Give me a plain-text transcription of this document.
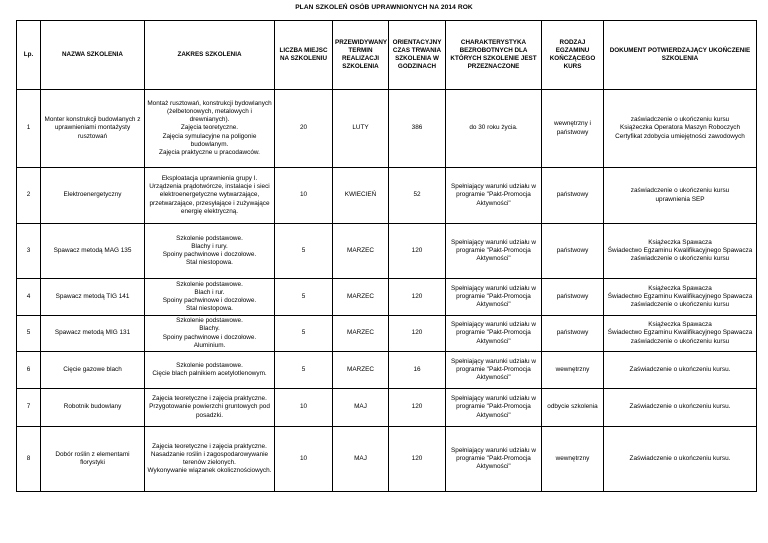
PLAN SZKOLEŃ OSÓB UPRAWNIONYCH NA 2014 ROK
Lp.	NAZWA SZKOLENIA	ZAKRES SZKOLENIA	LICZBA MIEJSC NA SZKOLENIU	PRZEWIDYWANY TERMIN REALIZACJI SZKOLENIA	ORIENTACYJNY CZAS TRWANIA SZKOLENIA W GODZINACH	CHARAKTERYSTYKA BEZROBOTNYCH DLA KTÓRYCH SZKOLENIE JEST PRZEZNACZONE	RODZAJ EGZAMINU KOŃCZĄCEGO KURS	DOKUMENT POTWIERDZAJĄCY UKOŃCZENIE SZKOLENIA
1	Monter konstrukcji budowlanych z uprawnieniami montażysty rusztowań	Montaż rusztowań, konstrukcji bydowlanych (żelbetonowych, metalowych i drewnianych).
Zajęcia teoretyczne.
Zajęcia symulacyjne na poligonie budowlanym.
Zajęcia praktyczne u pracodawców.	20	LUTY	386	do 30 roku życia.	wewnętrzny i państwowy	zaświadczenie o ukończeniu kursu
Książeczka Operatora Maszyn Roboczych
Certyfikat zdobycia umiejętności zawodowych
2	Elektroenergetyczny	Eksploatacja uprawnienia grupy I.
Urządzenia prądotwórcze, instalacje i sieci elektroenergetyczne wytwarzające, przetwarzające, przesyłające i zużywające energię elektryczną.	10	KWIECIEŃ	52	Spełniający warunki udziału w programie "Pakt-Promocja Aktywności"	państwowy	zaświadczenie o ukończeniu kursu
uprawnienia SEP
3	Spawacz metodą MAG 135	Szkolenie podstawowe.
Blachy i rury.
Spoiny pachwinowe i doczołowe.
Stal niestopowa.	5	MARZEC	120	Spełniający warunki udziału w programie "Pakt-Promocja Aktywności"	państwowy	Książeczka Spawacza
Świadectwo Egzaminu Kwalifikacyjnego Spawacza
zaświadczenie o ukończeniu kursu
4	Spawacz metodą TIG 141	Szkolenie podstawowe.
Blach i rur.
Spoiny pachwinowe i doczołowe.
Stal niestopowa.	5	MARZEC	120	Spełniający warunki udziału w programie "Pakt-Promocja Aktywności"	państwowy	Książeczka Spawacza
Świadectwo Egzaminu Kwalifikacyjnego Spawacza
zaświadczenie o ukończeniu kursu
5	Spawacz metodą MIG 131	Szkolenie podstawowe.
Blachy.
Spoiny pachwinowe i doczołowe.
Aluminium.	5	MARZEC	120	Spełniający warunki udziału w programie "Pakt-Promocja Aktywności"	państwowy	Książeczka Spawacza
Świadectwo Egzaminu Kwalifikacyjnego Spawacza
zaświadczenie o ukończeniu kursu
6	Cięcie gazowe blach	Szkolenie podstawowe.
Cięcie blach palnikiem acetylotlenowym.	5	MARZEC	16	Spełniający warunki udziału w programie "Pakt-Promocja Aktywności"	wewnętrzny	Zaświadczenie o ukończeniu kursu.
7	Robotnik budowlany	Zajęcia teoretyczne i zajęcia praktyczne.
Przygotowanie powierzchi gruntowych pod posadzki.	10	MAJ	120	Spełniający warunki udziału w programie "Pakt-Promocja Aktywności"	odbycie szkolenia	Zaświadczenie o ukończeniu kursu.
8	Dobór roślin z elementami florystyki	Zajęcia teoretyczne i zajęcia praktyczne.
Nasadzanie roślin i zagospodarowywanie terenów zielonych.
Wykonywanie wiązanek okolicznościowych.	10	MAJ	120	Spełniający warunki udziału w programie "Pakt-Promocja Aktywności"	wewnętrzny	Zaświadczenie o ukończeniu kursu.
